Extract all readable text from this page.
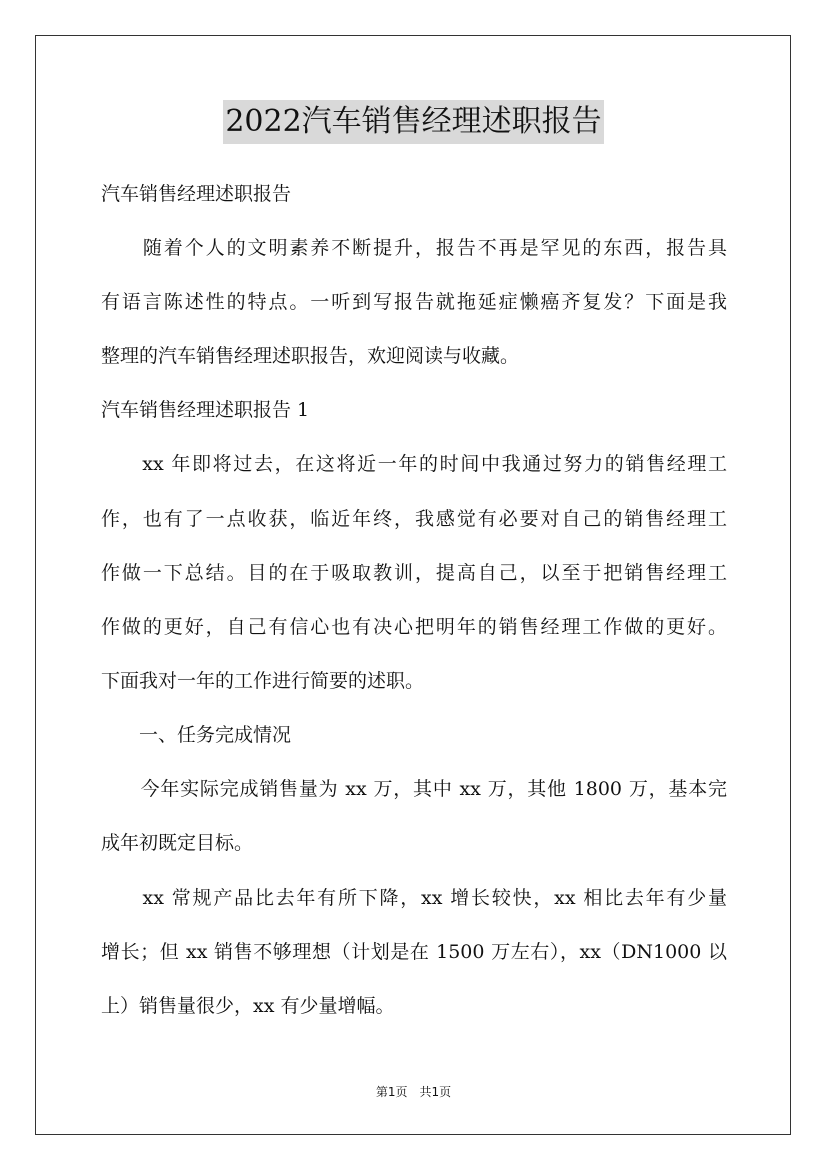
2022汽车销售经理述职报告
汽车销售经理述职报告
　　随着个人的文明素养不断提升，报告不再是罕见的东西，报告具
有语言陈述性的特点。一听到写报告就拖延症懒癌齐复发？下面是我
整理的汽车销售经理述职报告，欢迎阅读与收藏。
汽车销售经理述职报告 1
　　xx 年即将过去，在这将近一年的时间中我通过努力的销售经理工
作，也有了一点收获，临近年终，我感觉有必要对自己的销售经理工
作做一下总结。目的在于吸取教训，提高自己，以至于把销售经理工
作做的更好，自己有信心也有决心把明年的销售经理工作做的更好。
下面我对一年的工作进行简要的述职。
　　一、任务完成情况
　　今年实际完成销售量为 xx 万，其中 xx 万，其他 1800 万，基本完
成年初既定目标。
　　xx 常规产品比去年有所下降，xx 增长较快，xx 相比去年有少量
增长；但 xx 销售不够理想（计划是在 1500 万左右），xx（DN1000 以
上）销售量很少，xx 有少量增幅。
第1页　共1页
